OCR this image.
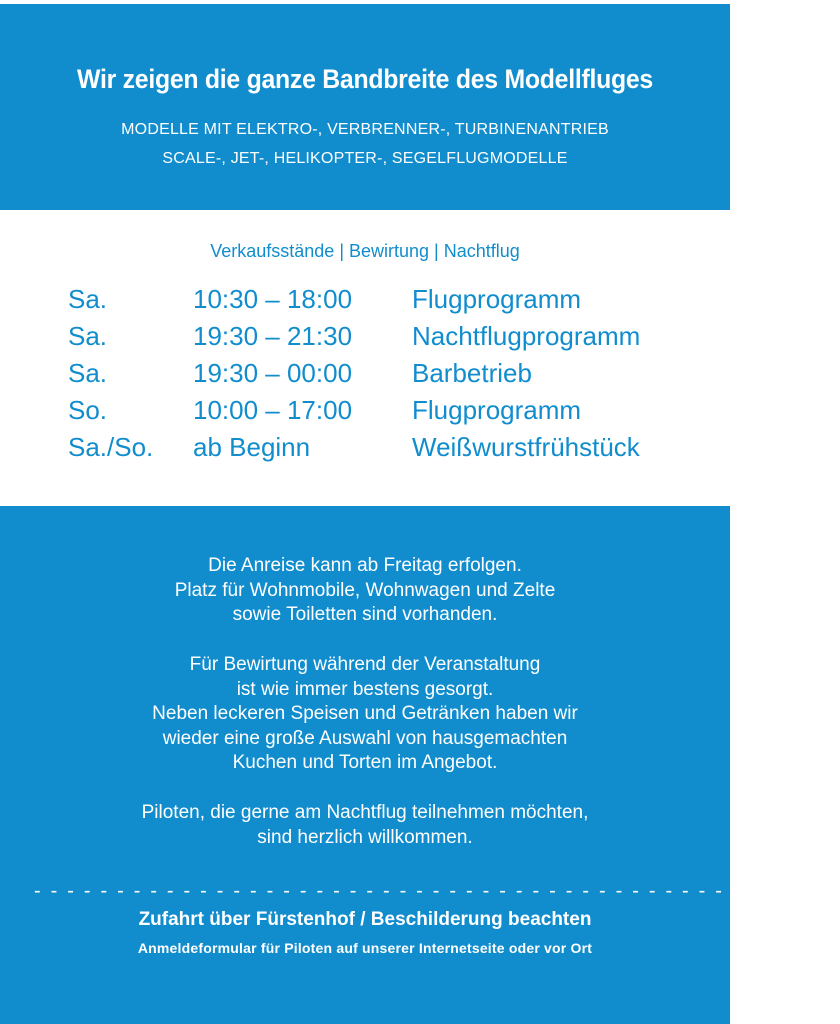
Wir zeigen die ganze Bandbreite des Modellfluges
MODELLE MIT ELEKTRO-, VERBRENNER-, TURBINENANTRIEB
SCALE-, JET-, HELIKOPTER-, SEGELFLUGMODELLE
Verkaufsstände | Bewirtung | Nachtflug
Sa.	10:30 – 18:00 Flugprogramm
Sa.	19:30 – 21:30 Nachtflugprogramm
Sa.	19:30 – 00:00 Barbetrieb
So.	10:00 – 17:00 Flugprogramm
Sa./So. ab Beginn	Weißwurstfrühstück
Die Anreise kann ab Freitag erfolgen.
Platz für Wohnmobile, Wohnwagen und Zelte
sowie Toiletten sind vorhanden.
Für Bewirtung während der Veranstaltung
ist wie immer bestens gesorgt.
Neben leckeren Speisen und Getränken haben wir
wieder eine große Auswahl von hausgemachten
Kuchen und Torten im Angebot.
Piloten, die gerne am Nachtflug teilnehmen möchten,
sind herzlich willkommen.
- - - - - - - - - - - - - - - - - - - - - - - - - - - - - - - - - - - - - - - - - - - - - - - - -
Zufahrt über Fürstenhof / Beschilderung beachten
Anmeldeformular für Piloten auf unserer Internetseite oder vor Ort
